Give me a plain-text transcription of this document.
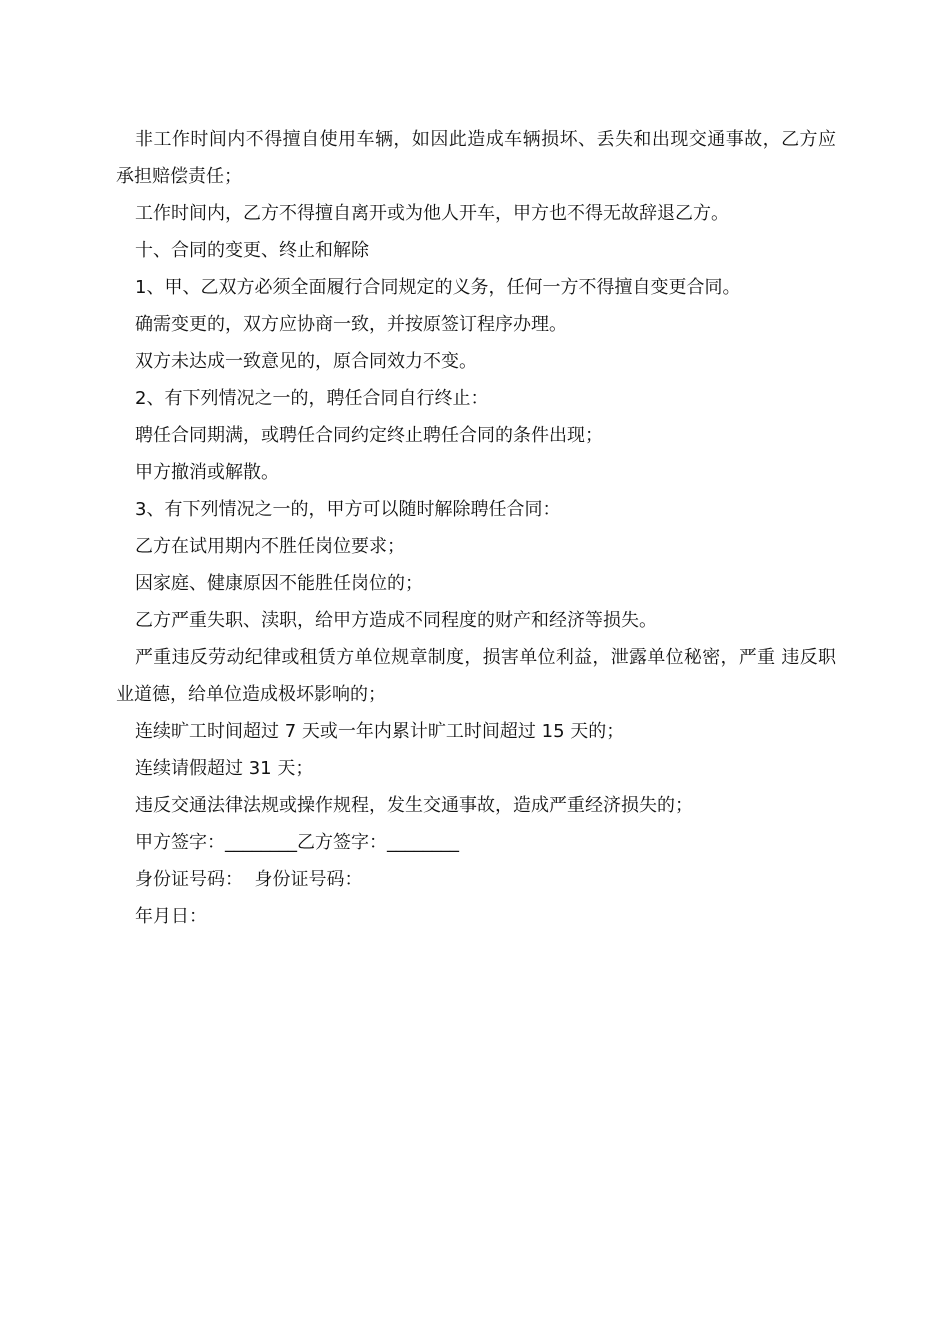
非工作时间内不得擅自使用车辆，如因此造成车辆损坏、丢失和出现交通事故，乙方应承担赔偿责任；

工作时间内，乙方不得擅自离开或为他人开车，甲方也不得无故辞退乙方。

十、合同的变更、终止和解除

1、甲、乙双方必须全面履行合同规定的义务，任何一方不得擅自变更合同。

确需变更的，双方应协商一致，并按原签订程序办理。

双方未达成一致意见的，原合同效力不变。

2、有下列情况之一的，聘任合同自行终止：

聘任合同期满，或聘任合同约定终止聘任合同的条件出现；

甲方撤消或解散。

3、有下列情况之一的，甲方可以随时解除聘任合同：

乙方在试用期内不胜任岗位要求；

因家庭、健康原因不能胜任岗位的；

乙方严重失职、渎职，给甲方造成不同程度的财产和经济等损失。

严重违反劳动纪律或租赁方单位规章制度，损害单位利益，泄露单位秘密，严重 违反职业道德，给单位造成极坏影响的；

连续旷工时间超过 7 天或一年内累计旷工时间超过 15 天的；

连续请假超过 31 天；

违反交通法律法规或操作规程，发生交通事故，造成严重经济损失的；

甲方签字：________乙方签字：________

身份证号码：  身份证号码：

年月日：
